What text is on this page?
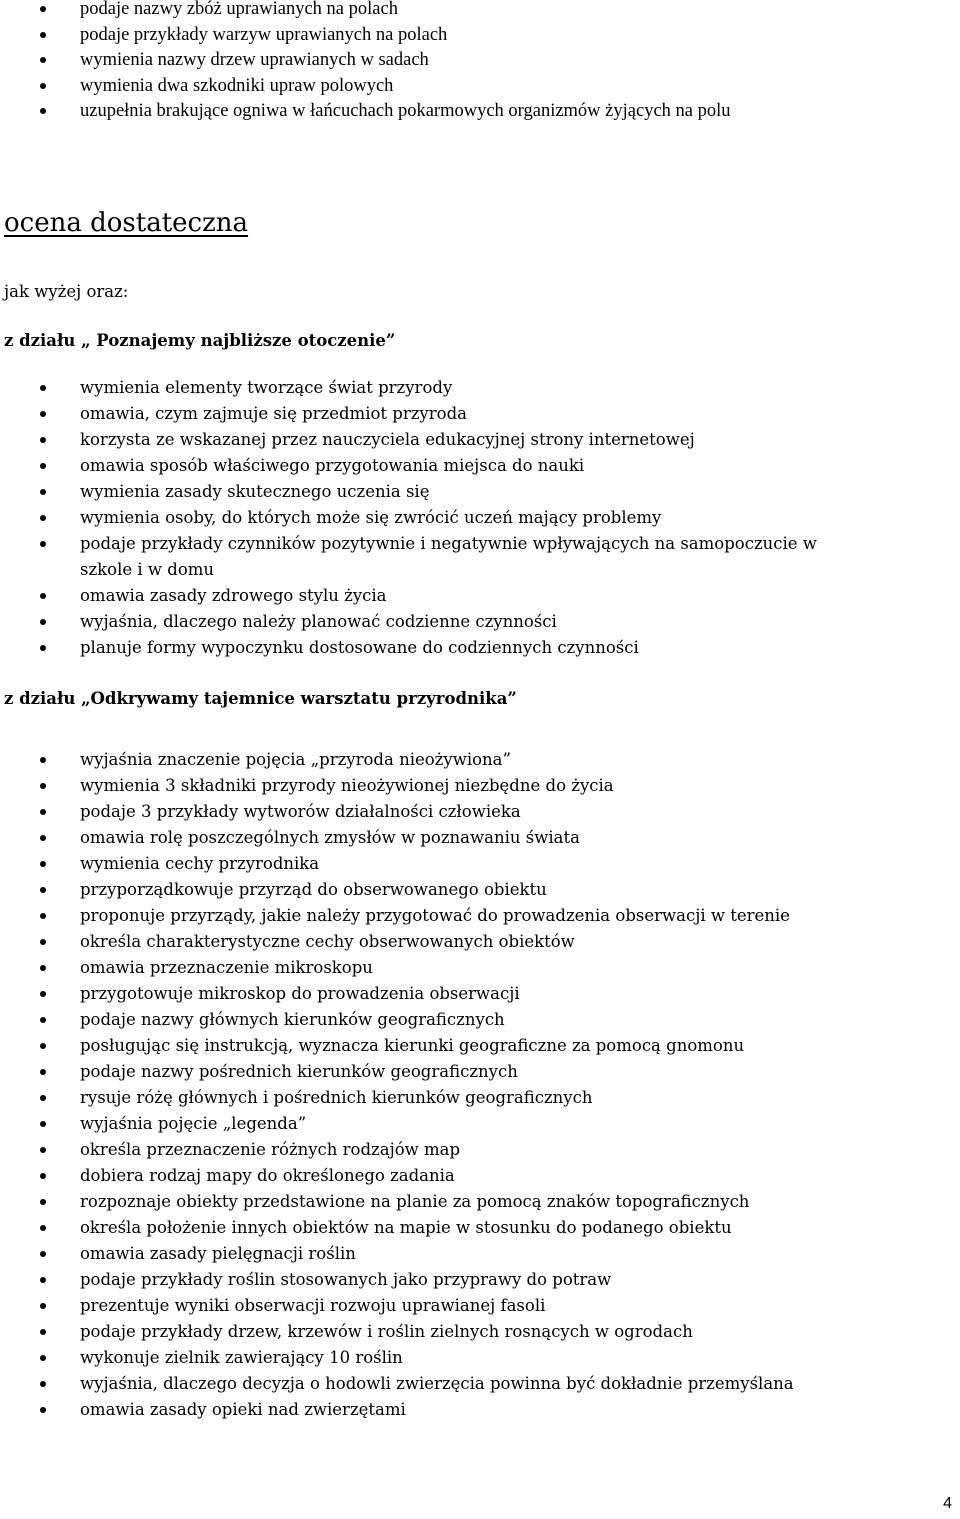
podaje nazwy zbóż uprawianych na polach
podaje przykłady warzyw uprawianych na polach
wymienia nazwy drzew uprawianych w sadach
wymienia dwa szkodniki upraw polowych
uzupełnia brakujące ogniwa w łańcuchach pokarmowych organizmów żyjących na polu
ocena dostateczna
jak wyżej oraz:
z działu „ Poznajemy najbliższe otoczenie”
wymienia elementy tworzące świat przyrody
omawia, czym zajmuje się przedmiot przyroda
korzysta ze wskazanej przez nauczyciela edukacyjnej strony internetowej
omawia sposób właściwego przygotowania miejsca do nauki
wymienia zasady skutecznego uczenia się
wymienia osoby, do których może się zwrócić uczeń mający problemy
podaje przykłady czynników pozytywnie i negatywnie wpływających na samopoczucie w szkole i w domu
omawia zasady zdrowego stylu życia
wyjaśnia, dlaczego należy planować codzienne czynności
planuje formy wypoczynku dostosowane do codziennych czynności
z działu „Odkrywamy tajemnice warsztatu przyrodnika”
wyjaśnia znaczenie pojęcia „przyroda nieożywiona”
wymienia 3 składniki przyrody nieożywionej niezbędne do życia
podaje 3 przykłady wytworów działalności człowieka
omawia rolę poszczególnych zmysłów w poznawaniu świata
wymienia cechy przyrodnika
przyporządkowuje przyrząd do obserwowanego obiektu
proponuje przyrządy, jakie należy przygotować do prowadzenia obserwacji w terenie
określa charakterystyczne cechy obserwowanych obiektów
omawia przeznaczenie mikroskopu
przygotowuje mikroskop do prowadzenia obserwacji
podaje nazwy głównych kierunków geograficznych
posługując się instrukcją, wyznacza kierunki geograficzne za pomocą gnomonu
podaje nazwy pośrednich kierunków geograficznych
rysuje różę głównych i pośrednich kierunków geograficznych
wyjaśnia pojęcie „legenda”
określa przeznaczenie różnych rodzajów map
dobiera rodzaj mapy do określonego zadania
rozpoznaje obiekty przedstawione na planie za pomocą znaków topograficznych
określa położenie innych obiektów na mapie w stosunku do podanego obiektu
omawia zasady pielęgnacji roślin
podaje przykłady roślin stosowanych jako przyprawy do potraw
prezentuje wyniki obserwacji rozwoju uprawianej fasoli
podaje przykłady drzew, krzewów i roślin zielnych rosnących w ogrodach
wykonuje zielnik zawierający 10 roślin
wyjaśnia, dlaczego decyzja o hodowli zwierzęcia powinna być dokładnie przemyślana
omawia zasady opieki nad zwierzętami
4
